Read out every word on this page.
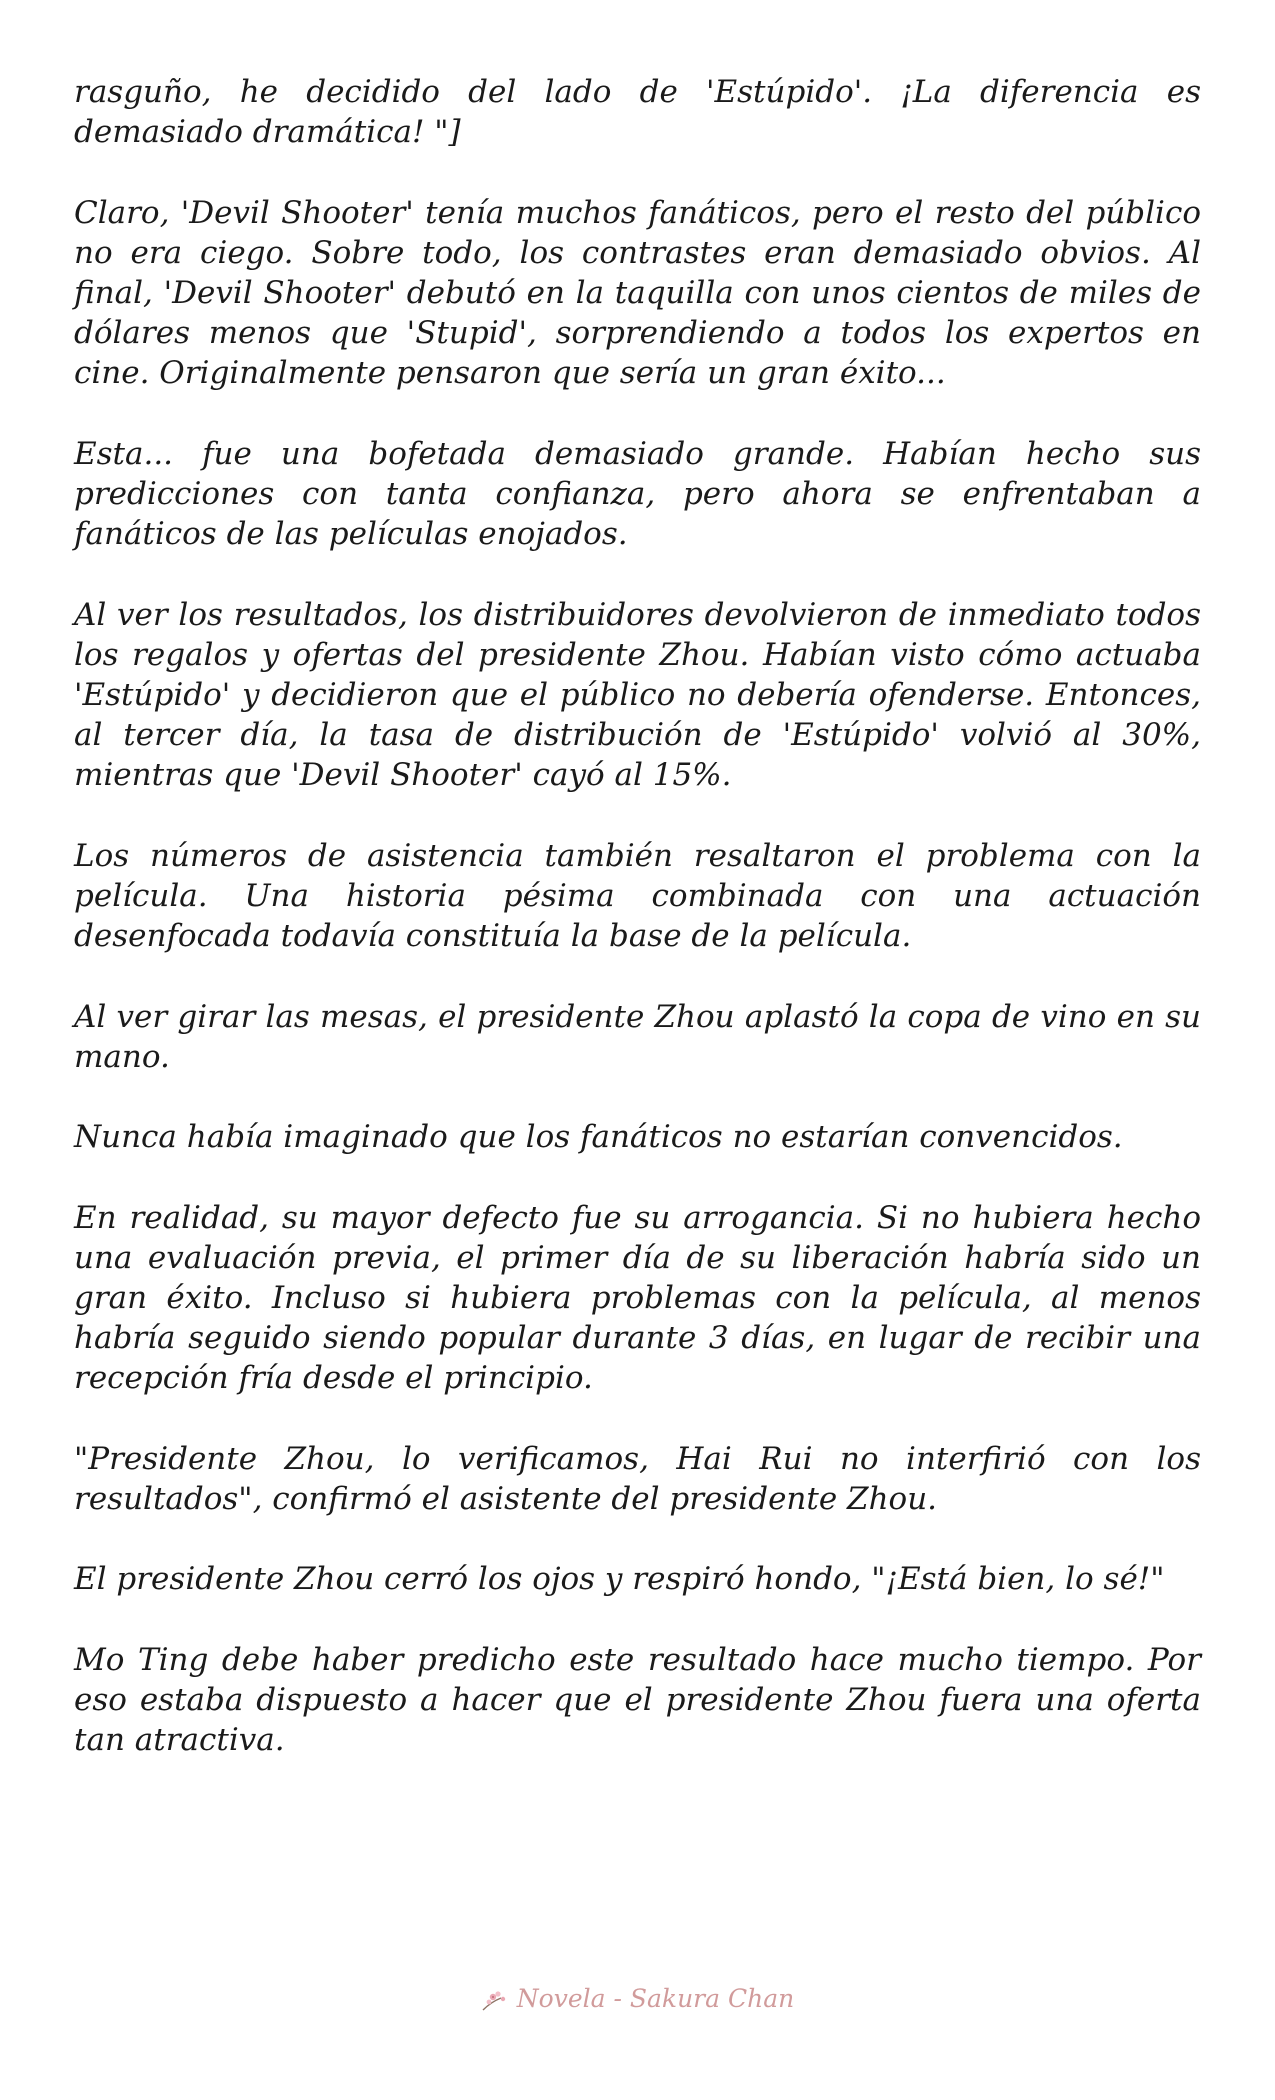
rasguño, he decidido del lado de 'Estúpido'. ¡La diferencia es demasiado dramática! "]

Claro, 'Devil Shooter' tenía muchos fanáticos, pero el resto del público no era ciego. Sobre todo, los contrastes eran demasiado obvios. Al final, 'Devil Shooter' debutó en la taquilla con unos cientos de miles de dólares menos que 'Stupid', sorprendiendo a todos los expertos en cine. Originalmente pensaron que sería un gran éxito...

Esta... fue una bofetada demasiado grande. Habían hecho sus predicciones con tanta confianza, pero ahora se enfrentaban a fanáticos de las películas enojados.

Al ver los resultados, los distribuidores devolvieron de inmediato todos los regalos y ofertas del presidente Zhou. Habían visto cómo actuaba 'Estúpido' y decidieron que el público no debería ofenderse. Entonces, al tercer día, la tasa de distribución de 'Estúpido' volvió al 30%, mientras que 'Devil Shooter' cayó al 15%.

Los números de asistencia también resaltaron el problema con la película. Una historia pésima combinada con una actuación desenfocada todavía constituía la base de la película.

Al ver girar las mesas, el presidente Zhou aplastó la copa de vino en su mano.

Nunca había imaginado que los fanáticos no estarían convencidos.

En realidad, su mayor defecto fue su arrogancia. Si no hubiera hecho una evaluación previa, el primer día de su liberación habría sido un gran éxito. Incluso si hubiera problemas con la película, al menos habría seguido siendo popular durante 3 días, en lugar de recibir una recepción fría desde el principio.

"Presidente Zhou, lo verificamos, Hai Rui no interfirió con los resultados", confirmó el asistente del presidente Zhou.

El presidente Zhou cerró los ojos y respiró hondo, "¡Está bien, lo sé!"

Mo Ting debe haber predicho este resultado hace mucho tiempo. Por eso estaba dispuesto a hacer que el presidente Zhou fuera una oferta tan atractiva.

Novela - Sakura Chan
